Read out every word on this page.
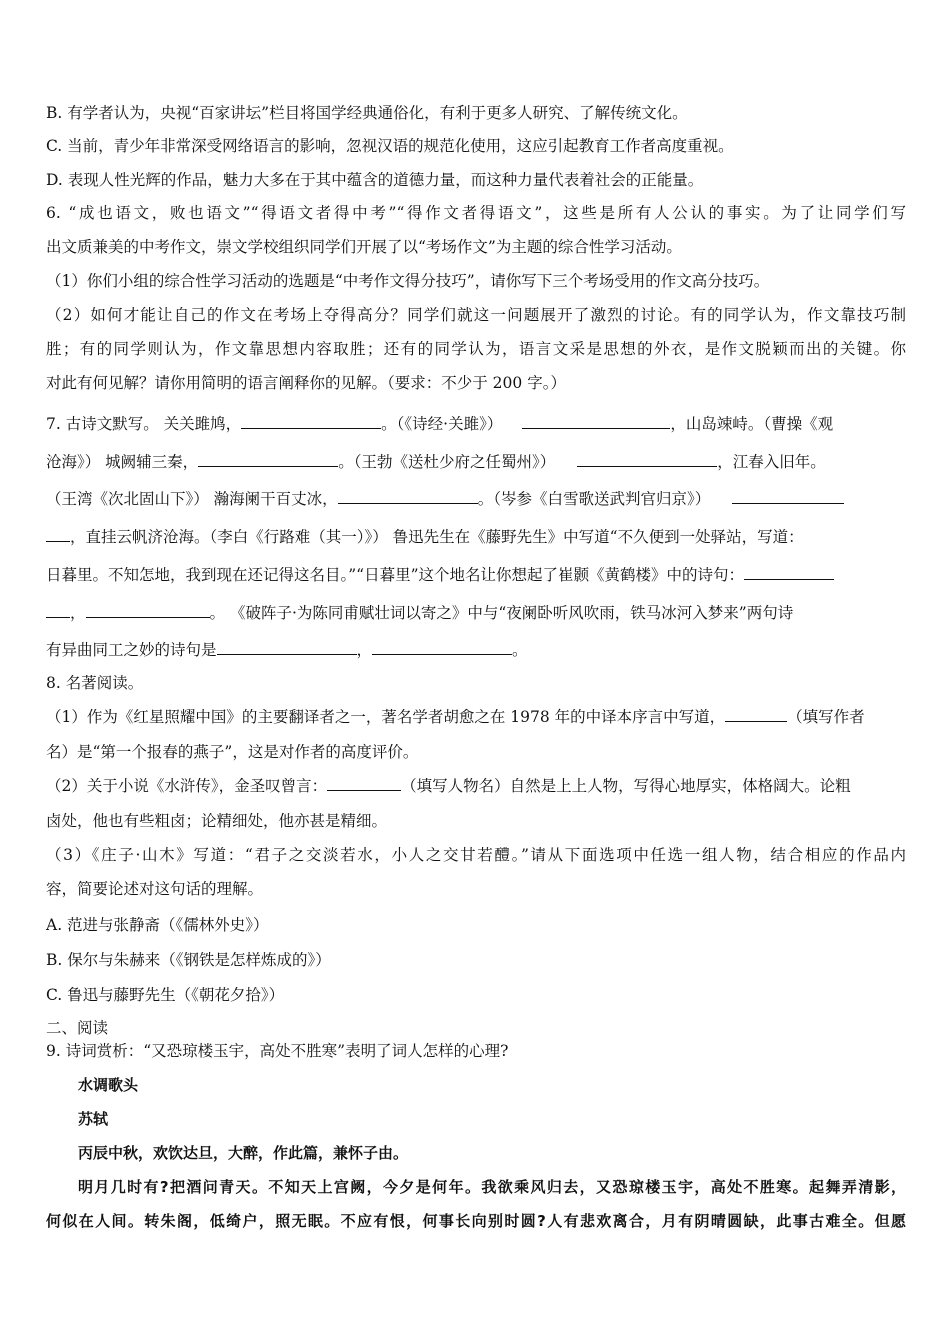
B. 有学者认为，央视“百家讲坛”栏目将国学经典通俗化，有利于更多人研究、了解传统文化。
C. 当前，青少年非常深受网络语言的影响，忽视汉语的规范化使用，这应引起教育工作者高度重视。
D. 表现人性光辉的作品，魅力大多在于其中蕴含的道德力量，而这种力量代表着社会的正能量。
6. “成也语文，败也语文”“得语文者得中考”“得作文者得语文”，这些是所有人公认的事实。为了让同学们写
出文质兼美的中考作文，崇文学校组织同学们开展了以“考场作文”为主题的综合性学习活动。
（1）你们小组的综合性学习活动的选题是“中考作文得分技巧”，请你写下三个考场受用的作文高分技巧。
（2）如何才能让自己的作文在考场上夺得高分？同学们就这一问题展开了激烈的讨论。有的同学认为，作文靠技巧制
胜；有的同学则认为，作文靠思想内容取胜；还有的同学认为，语言文采是思想的外衣，是作文脱颖而出的关键。你
对此有何见解？请你用简明的语言阐释你的见解。（要求：不少于 200 字。）
7. 古诗文默写。 关关雎鸠，	。（《诗经·关雎》）	，山岛竦峙。（曹操《观
沧海》） 城阙辅三秦，	。（王勃《送杜少府之任蜀州》）	，江春入旧年。
（王湾《次北固山下》） 瀚海阑干百丈冰，	。（岑参《白雪歌送武判官归京》）
，直挂云帆济沧海。（李白《行路难（其一）》） 鲁迅先生在《藤野先生》中写道“不久便到一处驿站，写道：
日暮里。不知怎地，我到现在还记得这名目。”“日暮里”这个地名让你想起了崔颢《黄鹤楼》中的诗句：
，	。 《破阵子·为陈同甫赋壮词以寄之》中与“夜阑卧听风吹雨，铁马冰河入梦来”两句诗
有异曲同工之妙的诗句是	，	。
8. 名著阅读。
（1）作为《红星照耀中国》的主要翻译者之一，著名学者胡愈之在 1978 年的中译本序言中写道，	（填写作者
名）是“第一个报春的燕子”，这是对作者的高度评价。
（2）关于小说《水浒传》，金圣叹曾言：	（填写人物名）自然是上上人物，写得心地厚实，体格阔大。论粗
卤处，他也有些粗卤；论精细处，他亦甚是精细。
（3）《庄子·山木》写道：“君子之交淡若水，小人之交甘若醴。”请从下面选项中任选一组人物，结合相应的作品内
容，简要论述对这句话的理解。
A. 范进与张静斋（《儒林外史》）
B. 保尔与朱赫来（《钢铁是怎样炼成的》）
C. 鲁迅与藤野先生（《朝花夕拾》）
二、阅读
9. 诗词赏析：“又恐琼楼玉宇，高处不胜寒”表明了词人怎样的心理?
水调歌头
苏轼
丙辰中秋，欢饮达旦，大醉，作此篇，兼怀子由。
明月几时有?把酒问青天。不知天上宫阙，今夕是何年。我欲乘风归去，又恐琼楼玉宇，高处不胜寒。起舞弄清影，
何似在人间。转朱阁，低绮户，照无眠。不应有恨，何事长向别时圆?人有悲欢离合，月有阴晴圆缺，此事古难全。但愿
